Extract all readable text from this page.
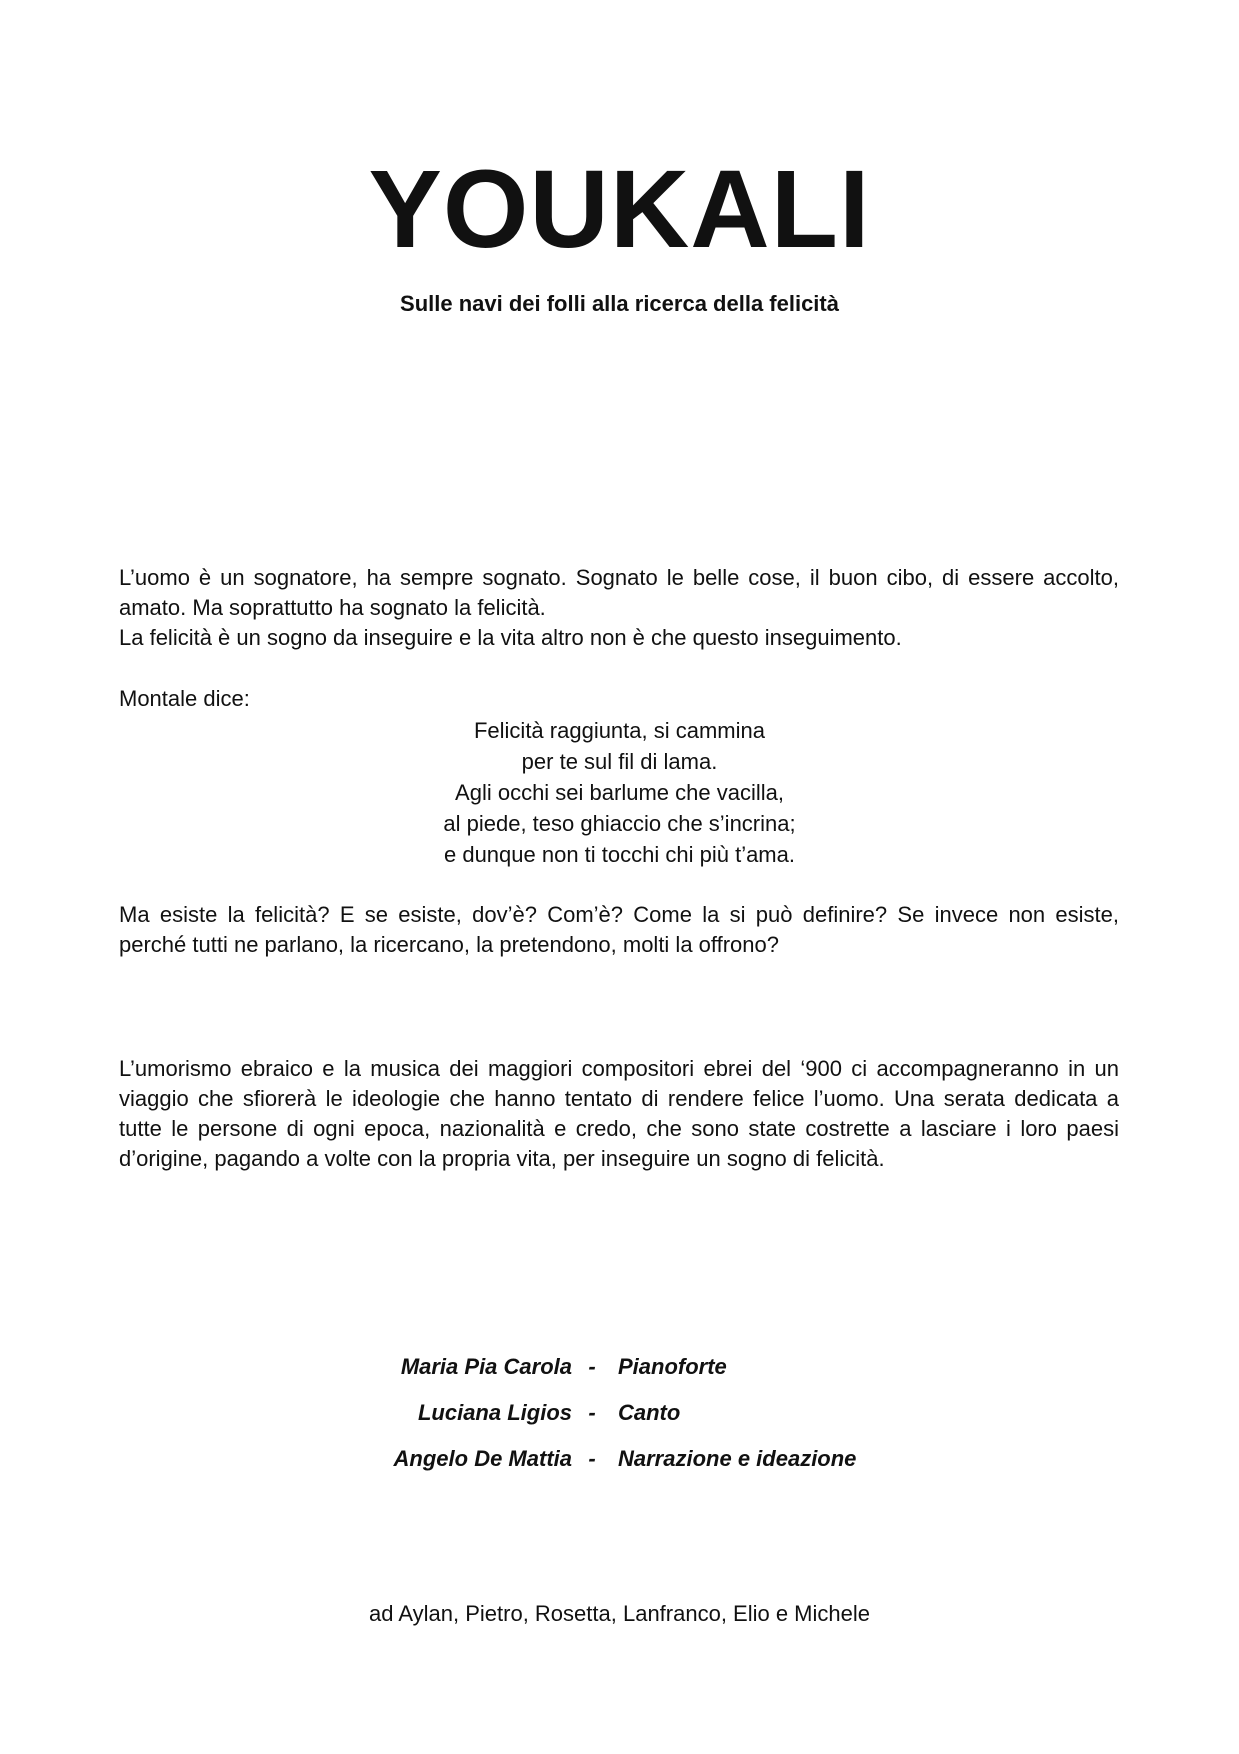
YOUKALI

Sulle navi dei folli alla ricerca della felicità

L’uomo è un sognatore, ha sempre sognato. Sognato le belle cose, il buon cibo, di essere accolto, amato. Ma soprattutto ha sognato la felicità.

La felicità è un sogno da inseguire e la vita altro non è che questo inseguimento.

Montale dice:

Felicità raggiunta, si cammina
per te sul fil di lama.
Agli occhi sei barlume che vacilla,
al piede, teso ghiaccio che s’incrina;
e dunque non ti tocchi chi più t’ama.

Ma esiste la felicità? E se esiste, dov’è? Com’è? Come la si può definire? Se invece non esiste, perché tutti ne parlano, la ricercano, la pretendono, molti la offrono?

L’umorismo ebraico e la musica dei maggiori compositori ebrei del ‘900 ci accompagneranno in un viaggio che sfiorerà le ideologie che hanno tentato di rendere felice l’uomo. Una serata dedicata a tutte le persone di ogni epoca, nazionalità e credo, che sono state costrette a lasciare i loro paesi d’origine, pagando a volte con la propria vita, per inseguire un sogno di felicità.

Maria Pia Carola -	Pianoforte
Luciana Ligios -	Canto
Angelo De Mattia -	Narrazione e ideazione

ad Aylan, Pietro, Rosetta, Lanfranco, Elio e Michele
